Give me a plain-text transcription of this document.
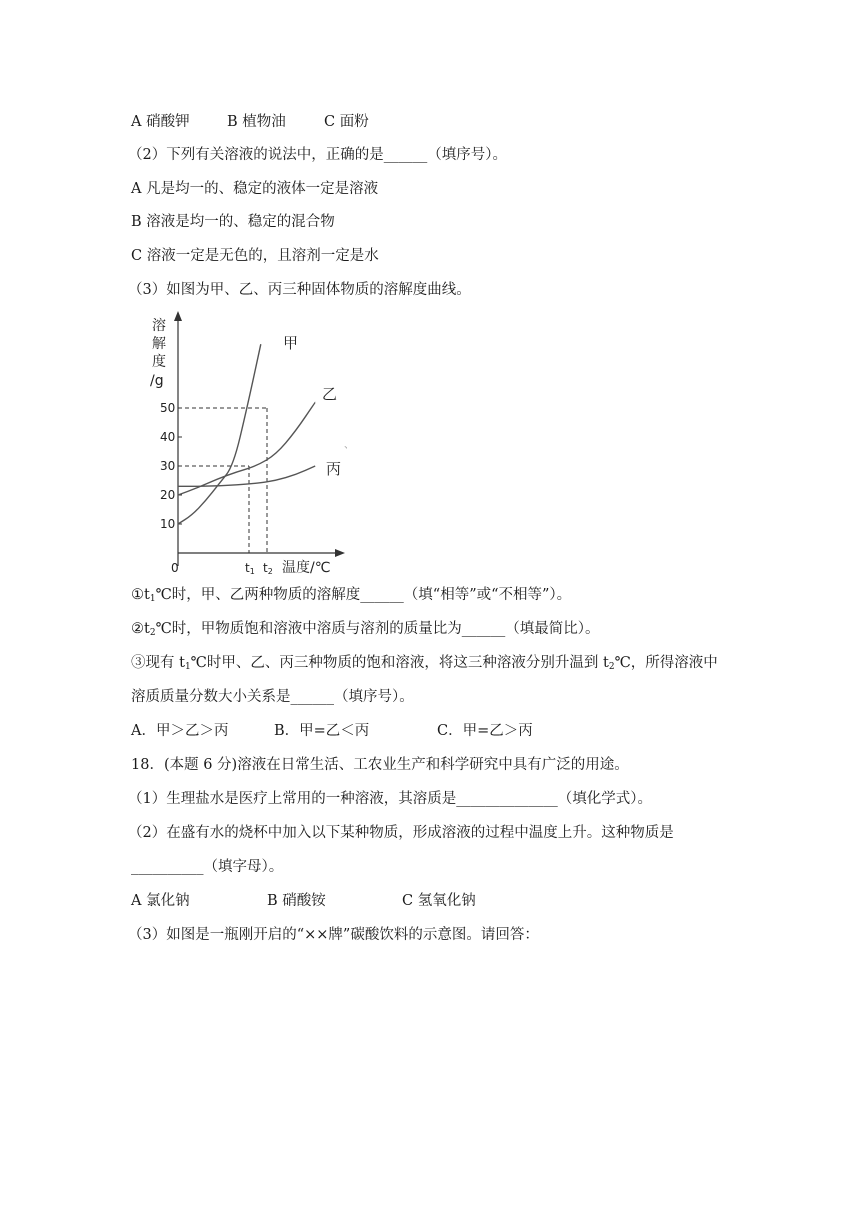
A 硝酸钾	B 植物油	C 面粉
（2）下列有关溶液的说法中，正确的是______（填序号）。
A 凡是均一的、稳定的液体一定是溶液
B 溶液是均一的、稳定的混合物
C 溶液一定是无色的，且溶剂一定是水
（3）如图为甲、乙、丙三种固体物质的溶解度曲线。
溶
解
度
/g
10
20
30
40
50
甲
乙
丙
t1 t2
0	温度/℃
、
$①t_1℃$时，甲、乙两种物质的溶解度______（填“相等”或“不相等”）。
$②t_2℃$时，甲物质饱和溶液中溶质与溶剂的质量比为______（填最简比）。
③现有 $t_1℃$时甲、乙、丙三种物质的饱和溶液，将这三种溶液分别升温到 $t_2℃$，所得溶液中
溶质质量分数大小关系是______（填序号）。
A．甲＞乙＞丙	B．甲=乙＜丙	C．甲=乙＞丙
18．(本题 6 分)溶液在日常生活、工农业生产和科学研究中具有广泛的用途。
（1）生理盐水是医疗上常用的一种溶液，其溶质是______________（填化学式）。
（2）在盛有水的烧杯中加入以下某种物质，形成溶液的过程中温度上升。这种物质是
__________（填字母）。
A 氯化钠	B 硝酸铵	C 氢氧化钠
（3）如图是一瓶刚开启的“××牌”碳酸饮料的示意图。请回答：
